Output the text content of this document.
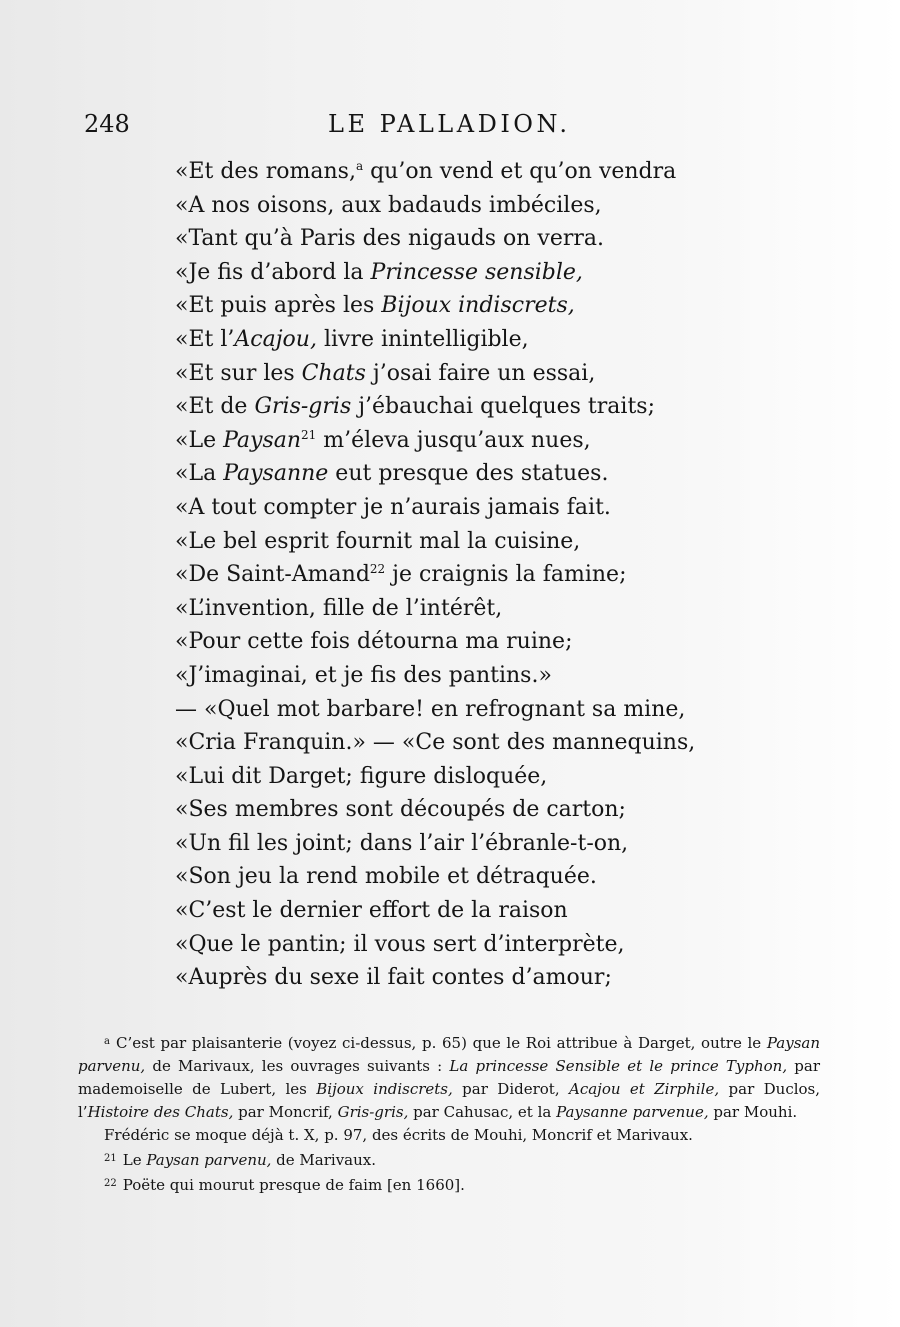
248	LE PALLADION.
«Et des romans,$^a$ qu’on vend et qu’on vendra
«A nos oisons, aux badauds imbéciles,
«Tant qu’à Paris des nigauds on verra.
«Je fis d’abord la Princesse sensible,
«Et puis après les Bijoux indiscrets,
«Et l’Acajou, livre inintelligible,
«Et sur les Chats j’osai faire un essai,
«Et de Gris-gris j’ébauchai quelques traits;
«Le Paysan$^{21}$ m’éleva jusqu’aux nues,
«La Paysanne eut presque des statues.
«A tout compter je n’aurais jamais fait.
«Le bel esprit fournit mal la cuisine,
«De Saint-Amand$^{22}$ je craignis la famine;
«L’invention, fille de l’intérêt,
«Pour cette fois détourna ma ruine;
«J’imaginai, et je fis des pantins.»
— «Quel mot barbare! en refrognant sa mine,
«Cria Franquin.» — «Ce sont des mannequins,
«Lui dit Darget; figure disloquée,
«Ses membres sont découpés de carton;
«Un fil les joint; dans l’air l’ébranle-t-on,
«Son jeu la rend mobile et détraquée.
«C’est le dernier effort de la raison
«Que le pantin; il vous sert d’interprète,
«Auprès du sexe il fait contes d’amour;
$^a$ C’est par plaisanterie (voyez ci-dessus, p. 65) que le Roi attribue à Darget, outre le Paysan parvenu, de Marivaux, les ouvrages suivants : La princesse Sensible et le prince Typhon, par mademoiselle de Lubert, les Bijoux indiscrets, par Diderot, Acajou et Zirphile, par Duclos, l’Histoire des Chats, par Moncrif, Gris-gris, par Cahusac, et la Paysanne parvenue, par Mouhi.
Frédéric se moque déjà t. X, p. 97, des écrits de Mouhi, Moncrif et Marivaux.
$^{21}$ Le Paysan parvenu, de Marivaux.
$^{22}$ Poëte qui mourut presque de faim [en 1660].
